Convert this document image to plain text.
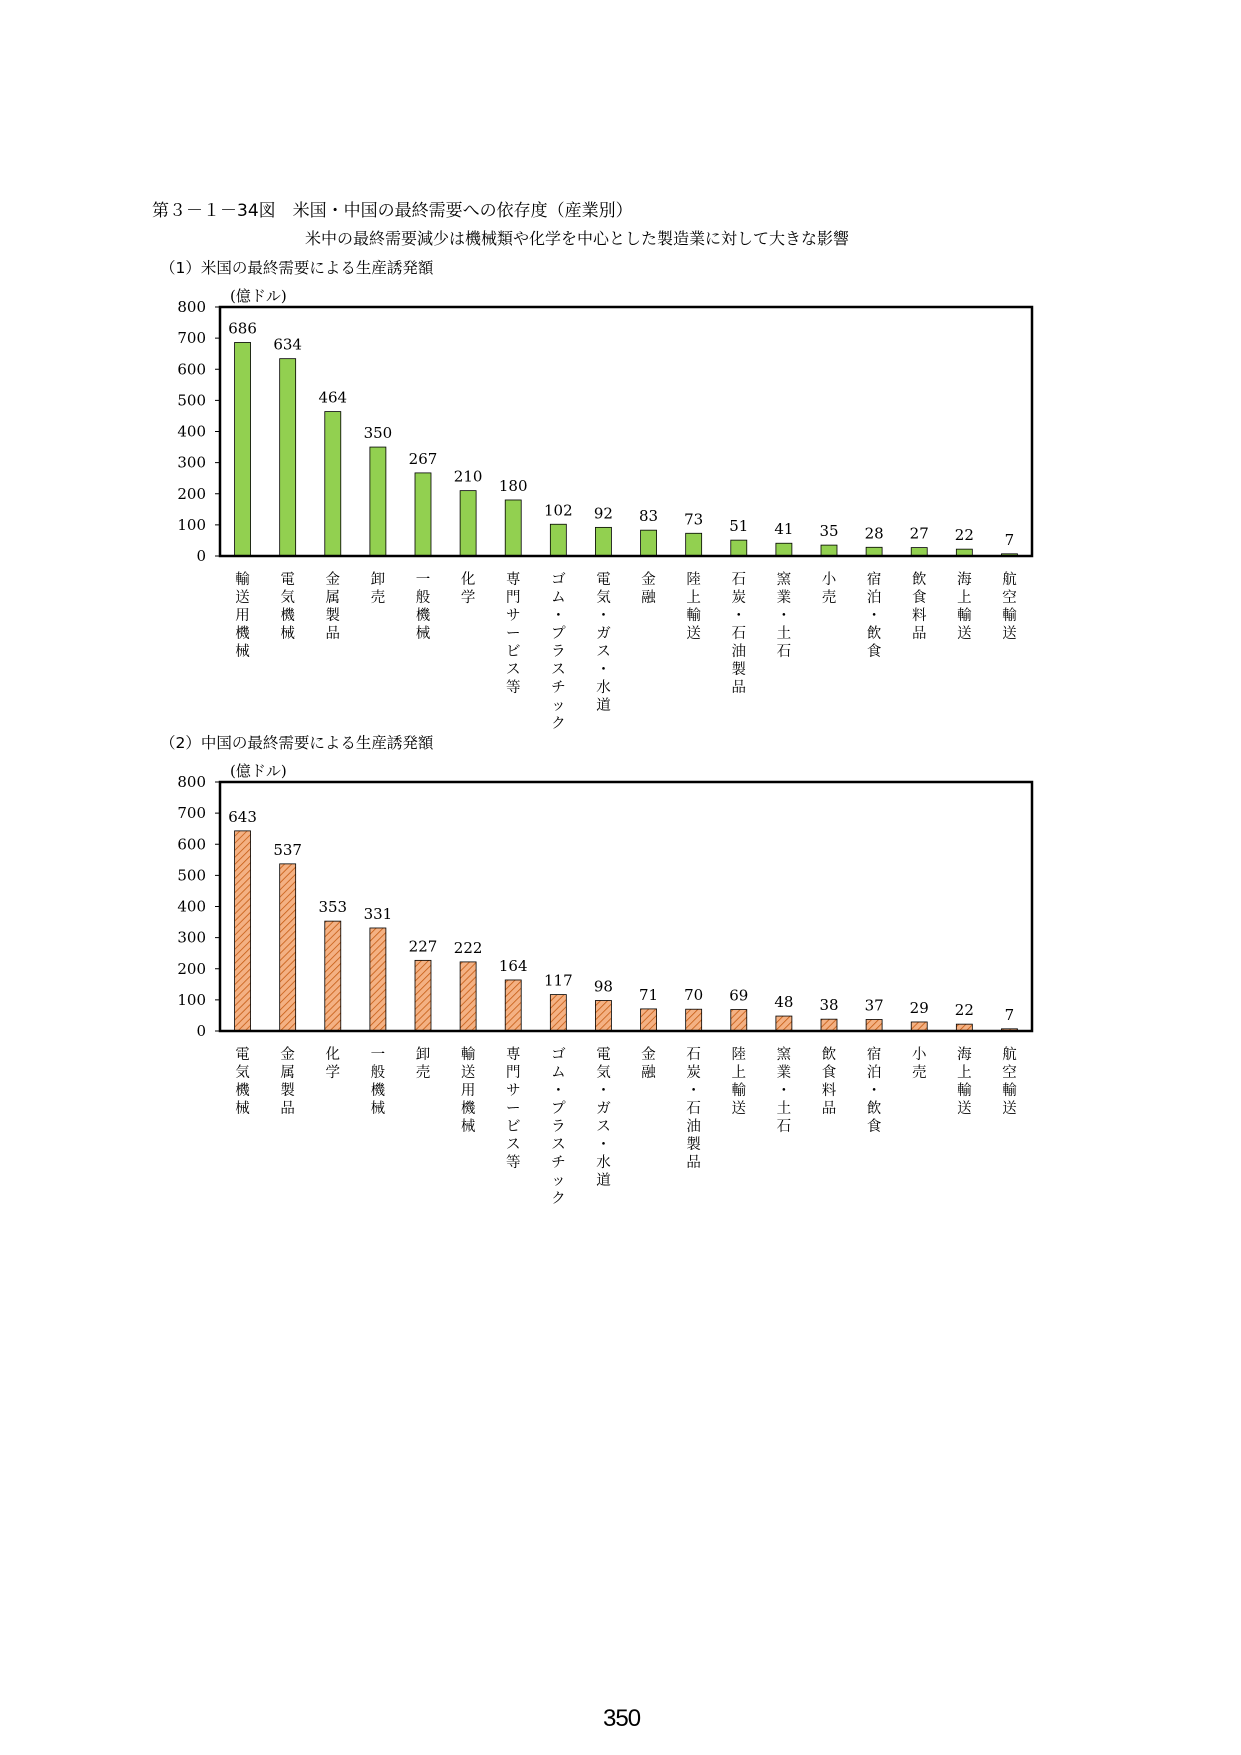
第３－１－34図　米国・中国の最終需要への依存度（産業別）
米中の最終需要減少は機械類や化学を中心とした製造業に対して大きな影響
（1）米国の最終需要による生産誘発額
(億ドル)
0
100
200
300
400
500
600
700
800
686
輸送用機械
634
電気機械
464
金属製品
350
卸売
267
一般機械
210
化学
180
専門サービス等
102
ゴム・プラスチック
92
電気・ガス・水道
83
金融
73
陸上輸送
51
石炭・石油製品
41
窯業・土石
35
小売
28
宿泊・飲食
27
飲食料品
22
海上輸送
7
航空輸送
（2）中国の最終需要による生産誘発額
(億ドル)
0
100
200
300
400
500
600
700
800
643
電気機械
537
金属製品
353
化学
331
一般機械
227
卸売
222
輸送用機械
164
専門サービス等
117
ゴム・プラスチック
98
電気・ガス・水道
71
金融
70
石炭・石油製品
69
陸上輸送
48
窯業・土石
38
飲食料品
37
宿泊・飲食
29
小売
22
海上輸送
7
航空輸送
350
